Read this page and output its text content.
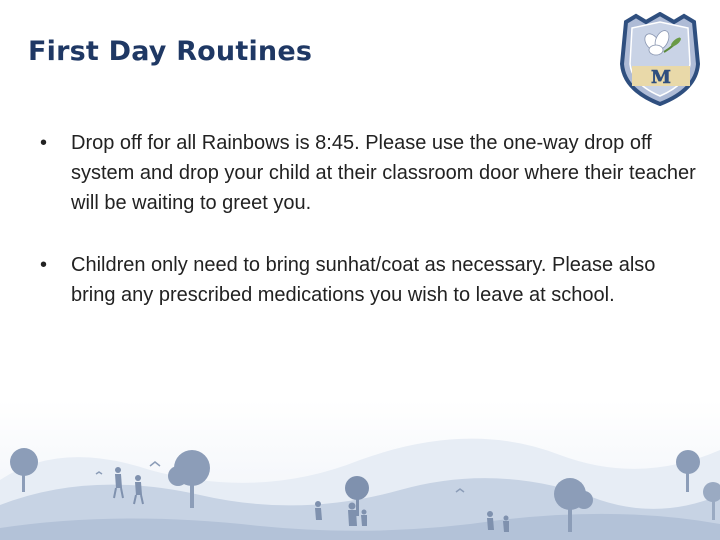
First Day Routines
M
• Drop off for all Rainbows is 8:45. Please use the one-way drop off system and drop your child at their classroom door where their teacher will be waiting to greet you.
• Children only need to bring sunhat/coat as necessary. Please also bring any prescribed medications you wish to leave at school.
